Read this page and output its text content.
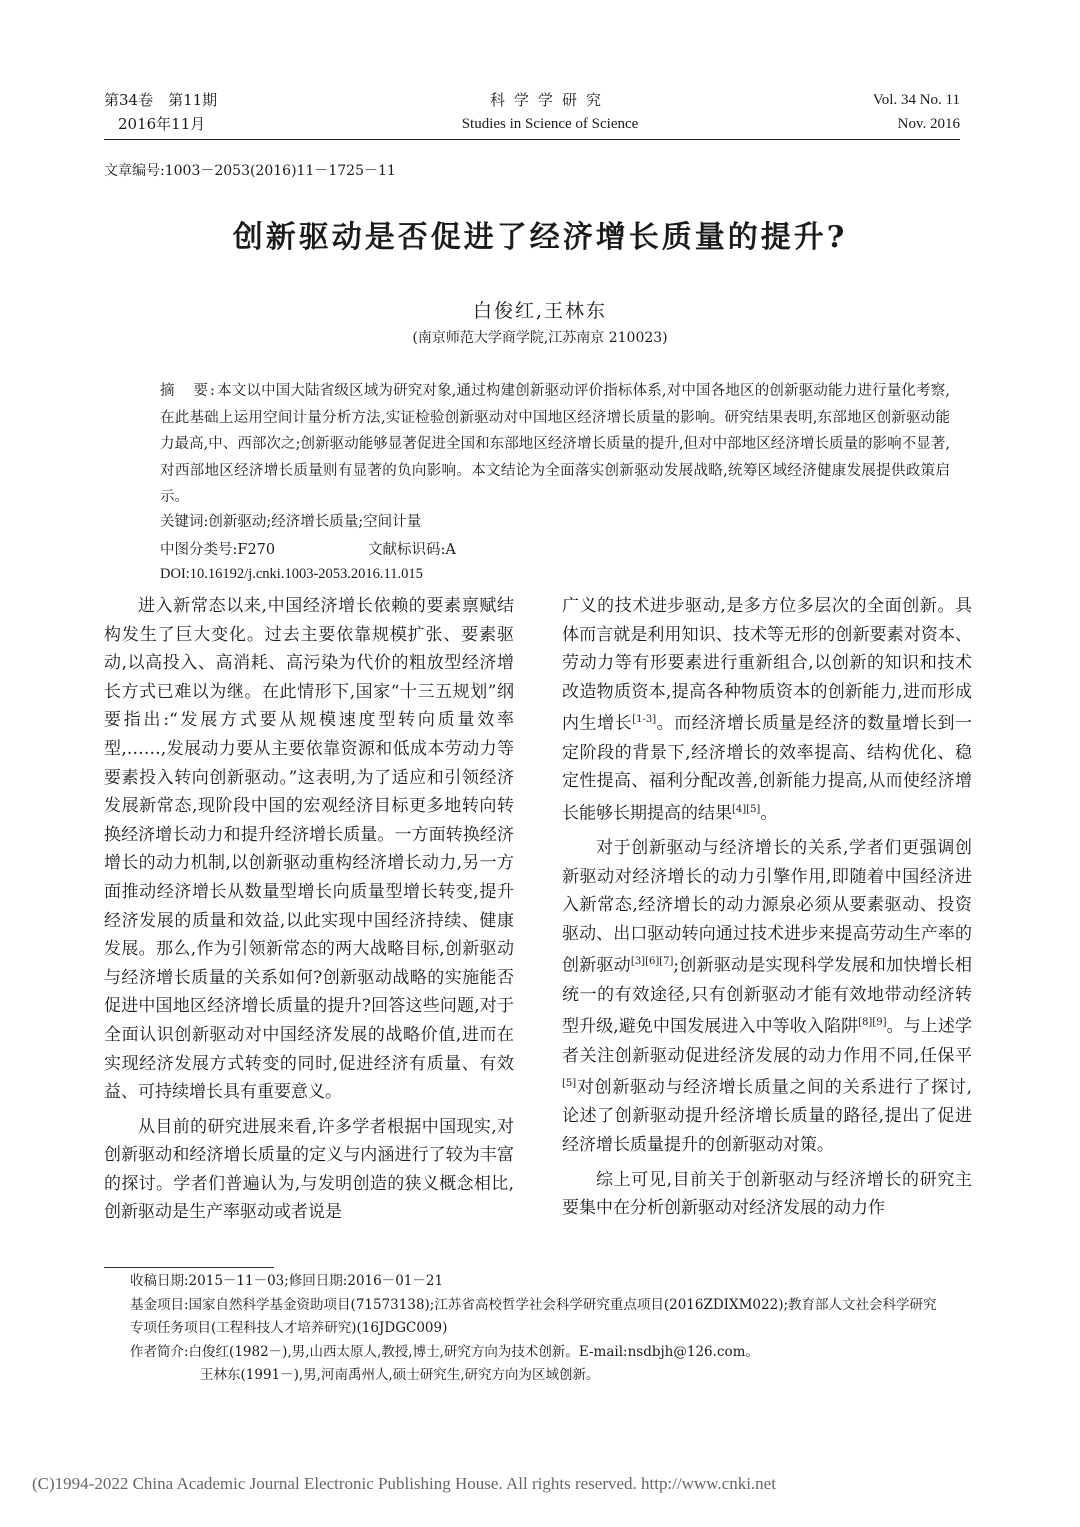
第34卷　第11期
2016年11月
科学学研究
Studies in Science of Science
Vol. 34 No. 11
Nov. 2016
文章编号:1003－2053(2016)11－1725－11
创新驱动是否促进了经济增长质量的提升?
白俊红,王林东
(南京师范大学商学院,江苏南京 210023)
摘　要:本文以中国大陆省级区域为研究对象,通过构建创新驱动评价指标体系,对中国各地区的创新驱动能力进行量化考察,在此基础上运用空间计量分析方法,实证检验创新驱动对中国地区经济增长质量的影响。研究结果表明,东部地区创新驱动能力最高,中、西部次之;创新驱动能够显著促进全国和东部地区经济增长质量的提升,但对中部地区经济增长质量的影响不显著,对西部地区经济增长质量则有显著的负向影响。本文结论为全面落实创新驱动发展战略,统筹区域经济健康发展提供政策启示。
关键词:创新驱动;经济增长质量;空间计量
中图分类号:F270	文献标识码:A
DOI:10.16192/j.cnki.1003-2053.2016.11.015

进入新常态以来,中国经济增长依赖的要素禀赋结构发生了巨大变化。过去主要依靠规模扩张、要素驱动,以高投入、高消耗、高污染为代价的粗放型经济增长方式已难以为继。在此情形下,国家“十三五规划”纲要指出:“发展方式要从规模速度型转向质量效率型,……,发展动力要从主要依靠资源和低成本劳动力等要素投入转向创新驱动。”这表明,为了适应和引领经济发展新常态,现阶段中国的宏观经济目标更多地转向转换经济增长动力和提升经济增长质量。一方面转换经济增长的动力机制,以创新驱动重构经济增长动力,另一方面推动经济增长从数量型增长向质量型增长转变,提升经济发展的质量和效益,以此实现中国经济持续、健康发展。那么,作为引领新常态的两大战略目标,创新驱动与经济增长质量的关系如何?创新驱动战略的实施能否促进中国地区经济增长质量的提升?回答这些问题,对于全面认识创新驱动对中国经济发展的战略价值,进而在实现经济发展方式转变的同时,促进经济有质量、有效益、可持续增长具有重要意义。

从目前的研究进展来看,许多学者根据中国现实,对创新驱动和经济增长质量的定义与内涵进行了较为丰富的探讨。学者们普遍认为,与发明创造的狭义概念相比,创新驱动是生产率驱动或者说是

广义的技术进步驱动,是多方位多层次的全面创新。具体而言就是利用知识、技术等无形的创新要素对资本、劳动力等有形要素进行重新组合,以创新的知识和技术改造物质资本,提高各种物质资本的创新能力,进而形成内生增长[1-3]。而经济增长质量是经济的数量增长到一定阶段的背景下,经济增长的效率提高、结构优化、稳定性提高、福利分配改善,创新能力提高,从而使经济增长能够长期提高的结果[4][5]。

对于创新驱动与经济增长的关系,学者们更强调创新驱动对经济增长的动力引擎作用,即随着中国经济进入新常态,经济增长的动力源泉必须从要素驱动、投资驱动、出口驱动转向通过技术进步来提高劳动生产率的创新驱动[3][6][7];创新驱动是实现科学发展和加快增长相统一的有效途径,只有创新驱动才能有效地带动经济转型升级,避免中国发展进入中等收入陷阱[8][9]。与上述学者关注创新驱动促进经济发展的动力作用不同,任保平[5]对创新驱动与经济增长质量之间的关系进行了探讨,论述了创新驱动提升经济增长质量的路径,提出了促进经济增长质量提升的创新驱动对策。

综上可见,目前关于创新驱动与经济增长的研究主要集中在分析创新驱动对经济发展的动力作

收稿日期:2015－11－03;修回日期:2016－01－21
基金项目:国家自然科学基金资助项目(71573138);江苏省高校哲学社会科学研究重点项目(2016ZDIXM022);教育部人文社会科学研究
专项任务项目(工程科技人才培养研究)(16JDGC009)
作者简介:白俊红(1982－),男,山西太原人,教授,博士,研究方向为技术创新。E-mail:nsdbjh@126.com。
王林东(1991－),男,河南禹州人,硕士研究生,研究方向为区域创新。
(C)1994-2022 China Academic Journal Electronic Publishing House. All rights reserved. http://www.cnki.net
